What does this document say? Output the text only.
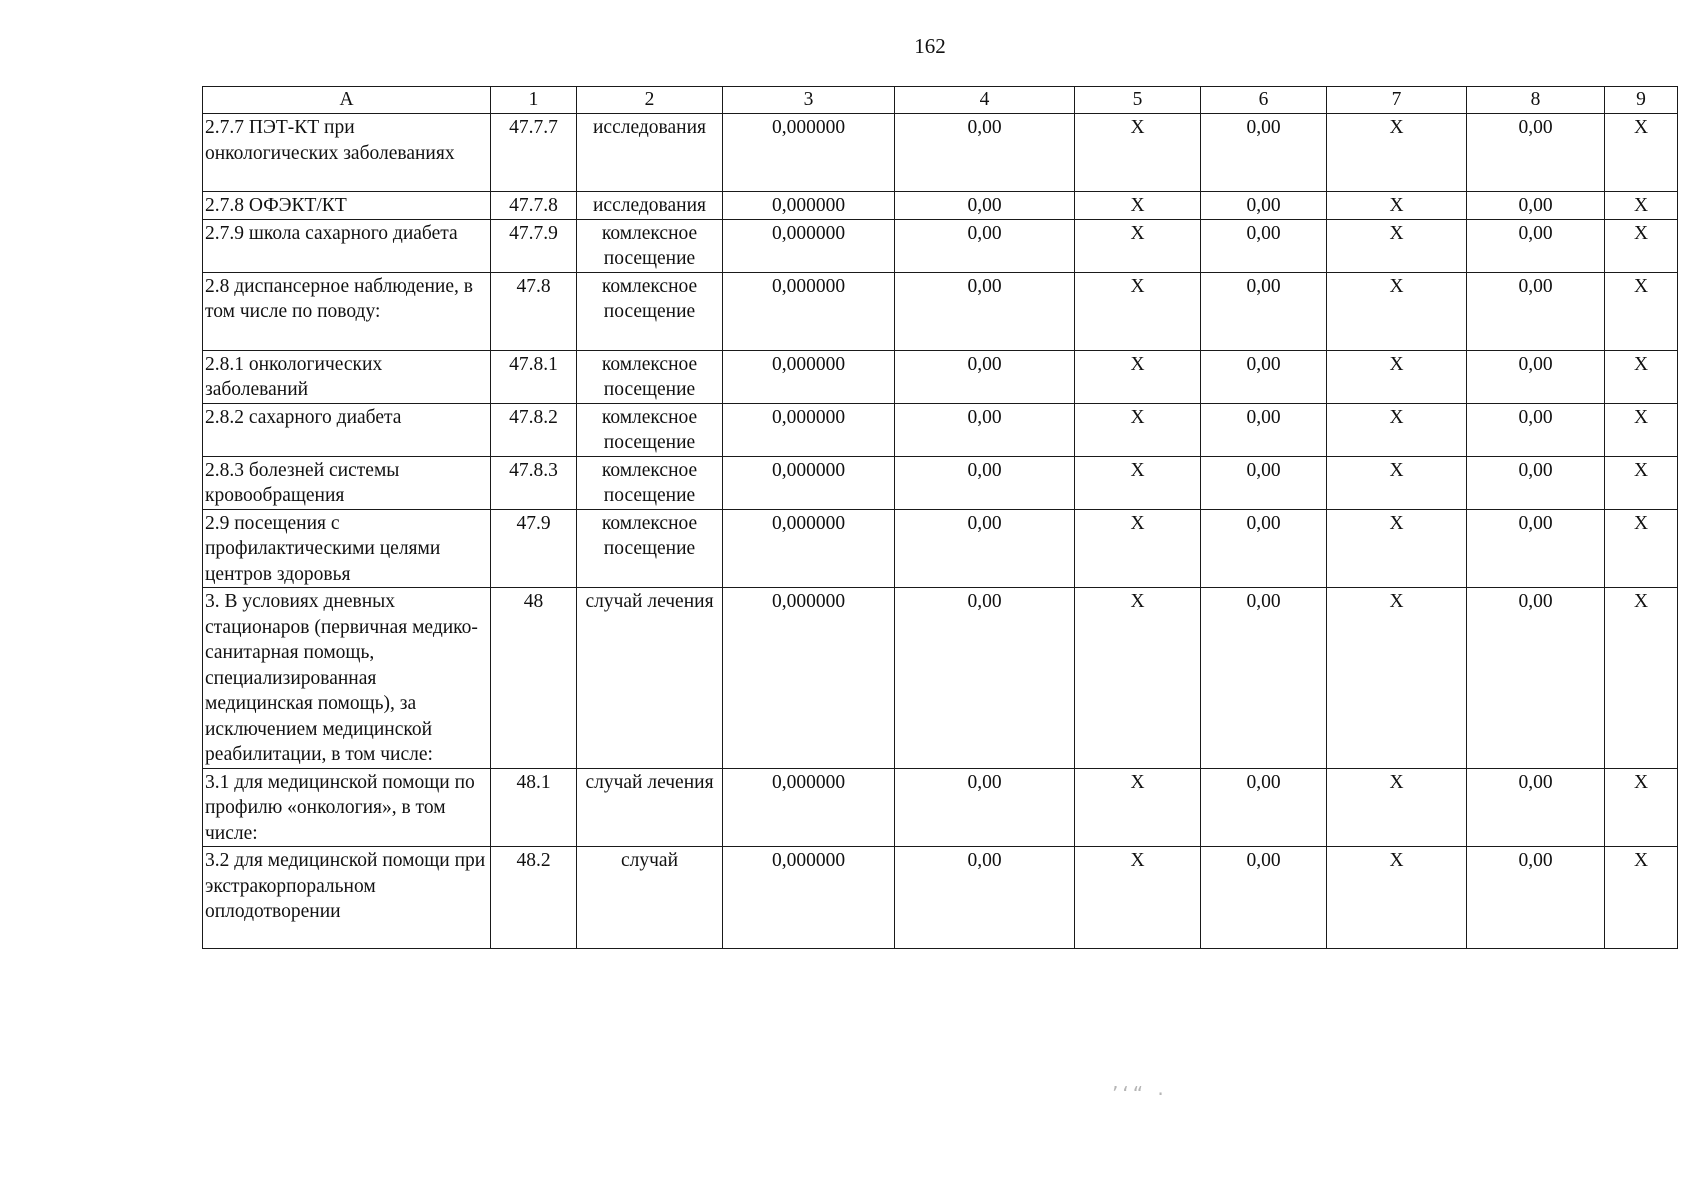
162
А	1	2	3	4	5	6	7	8	9
2.7.7 ПЭТ-КТ при онкологических заболеваниях	47.7.7	исследования	0,000000	0,00	X	0,00	X	0,00	X
2.7.8 ОФЭКТ/КТ	47.7.8	исследования	0,000000	0,00	X	0,00	X	0,00	X
2.7.9 школа сахарного диабета	47.7.9	комлексное посещение	0,000000	0,00	X	0,00	X	0,00	X
2.8 диспансерное наблюдение, в том числе по поводу:	47.8	комлексное посещение	0,000000	0,00	X	0,00	X	0,00	X
2.8.1 онкологических заболеваний	47.8.1	комлексное посещение	0,000000	0,00	X	0,00	X	0,00	X
2.8.2 сахарного диабета	47.8.2	комлексное посещение	0,000000	0,00	X	0,00	X	0,00	X
2.8.3 болезней системы кровообращения	47.8.3	комлексное посещение	0,000000	0,00	X	0,00	X	0,00	X
2.9 посещения с профилактическими целями центров здоровья	47.9	комлексное посещение	0,000000	0,00	X	0,00	X	0,00	X
3. В условиях дневных стационаров (первичная медико-санитарная помощь, специализированная медицинская помощь), за исключением медицинской реабилитации, в том числе:	48	случай лечения	0,000000	0,00	X	0,00	X	0,00	X
3.1 для медицинской помощи по профилю «онкология», в том числе:	48.1	случай лечения	0,000000	0,00	X	0,00	X	0,00	X
3.2 для медицинской помощи при экстракорпоральном оплодотворении	48.2	случай	0,000000	0,00	X	0,00	X	0,00	X
’‘“ ·
